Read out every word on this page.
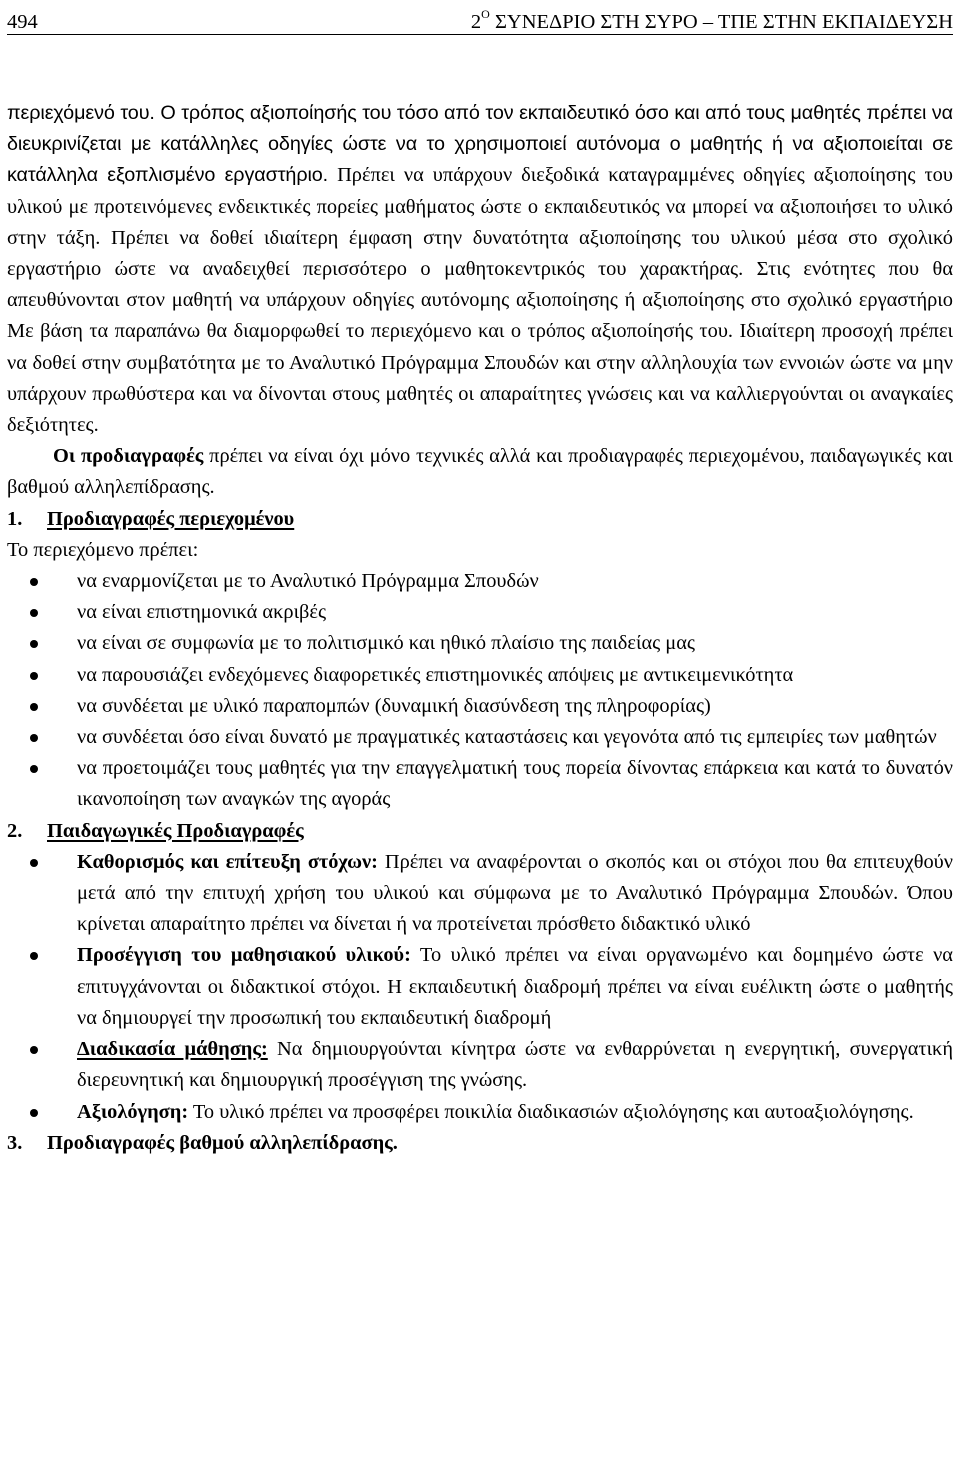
494	$2^O$ ΣΥΝΕΔΡΙΟ ΣΤΗ ΣΥΡΟ – ΤΠΕ ΣΤΗΝ ΕΚΠΑΙΔΕΥΣΗ

περιεχόμενό του. Ο τρόπος αξιοποίησής του τόσο από τον εκπαιδευτικό όσο και από τους μαθητές πρέπει να διευκρινίζεται με κατάλληλες οδηγίες ώστε να το χρησιμοποιεί αυτόνομα ο μαθητής ή να αξιοποιείται σε κατάλληλα εξοπλισμένο εργαστήριο. Πρέπει να υπάρχουν διεξοδικά καταγραμμένες οδηγίες αξιοποίησης του υλικού με προτεινόμενες ενδεικτικές πορείες μαθήματος ώστε ο εκπαιδευτικός να μπορεί να αξιοποιήσει το υλικό στην τάξη. Πρέπει να δοθεί ιδιαίτερη έμφαση στην δυνατότητα αξιοποίησης του υλικού μέσα στο σχολικό εργαστήριο ώστε να αναδειχθεί περισσότερο ο μαθητοκεντρικός του χαρακτήρας. Στις ενότητες που θα απευθύνονται στον μαθητή να υπάρχουν οδηγίες αυτόνομης αξιοποίησης ή αξιοποίησης στο σχολικό εργαστήριο Με βάση τα παραπάνω θα διαμορφωθεί το περιεχόμενο και ο τρόπος αξιοποίησής του. Ιδιαίτερη προσοχή πρέπει να δοθεί στην συμβατότητα με το Αναλυτικό Πρόγραμμα Σπουδών και στην αλληλουχία των εννοιών ώστε να μην υπάρχουν πρωθύστερα και να δίνονται στους μαθητές οι απαραίτητες γνώσεις και να καλλιεργούνται οι αναγκαίες δεξιότητες.

Οι προδιαγραφές πρέπει να είναι όχι μόνο τεχνικές αλλά και προδιαγραφές περιεχομένου, παιδαγωγικές και βαθμού αλληλεπίδρασης.

1.	Προδιαγραφές περιεχομένου

Το περιεχόμενο πρέπει:

να εναρμονίζεται με το Αναλυτικό Πρόγραμμα Σπουδών
να είναι επιστημονικά ακριβές
να είναι σε συμφωνία με το πολιτισμικό και ηθικό πλαίσιο της παιδείας μας
να παρουσιάζει ενδεχόμενες διαφορετικές επιστημονικές απόψεις με αντικειμενικότητα
να συνδέεται με υλικό παραπομπών (δυναμική διασύνδεση της πληροφορίας)
να συνδέεται όσο είναι δυνατό με πραγματικές καταστάσεις και γεγονότα από τις εμπειρίες των μαθητών
να προετοιμάζει τους μαθητές για την επαγγελματική τους πορεία δίνοντας επάρκεια και κατά το δυνατόν ικανοποίηση των αναγκών της αγοράς
2.	Παιδαγωγικές Προδιαγραφές
Καθορισμός και επίτευξη στόχων: Πρέπει να αναφέρονται ο σκοπός και οι στόχοι που θα επιτευχθούν μετά από την επιτυχή χρήση του υλικού και σύμφωνα με το Αναλυτικό Πρόγραμμα Σπουδών. Όπου κρίνεται απαραίτητο πρέπει να δίνεται ή να προτείνεται πρόσθετο διδακτικό υλικό
Προσέγγιση του μαθησιακού υλικού: Το υλικό πρέπει να είναι οργανωμένο και δομημένο ώστε να επιτυγχάνονται οι διδακτικοί στόχοι. Η εκπαιδευτική διαδρομή πρέπει να είναι ευέλικτη ώστε ο μαθητής να δημιουργεί την προσωπική του εκπαιδευτική διαδρομή
Διαδικασία μάθησης: Να δημιουργούνται κίνητρα ώστε να ενθαρρύνεται η ενεργητική, συνεργατική διερευνητική και δημιουργική προσέγγιση της γνώσης.
Αξιολόγηση: Το υλικό πρέπει να προσφέρει ποικιλία διαδικασιών αξιολόγησης και αυτοαξιολόγησης.
3.	Προδιαγραφές βαθμού αλληλεπίδρασης.
